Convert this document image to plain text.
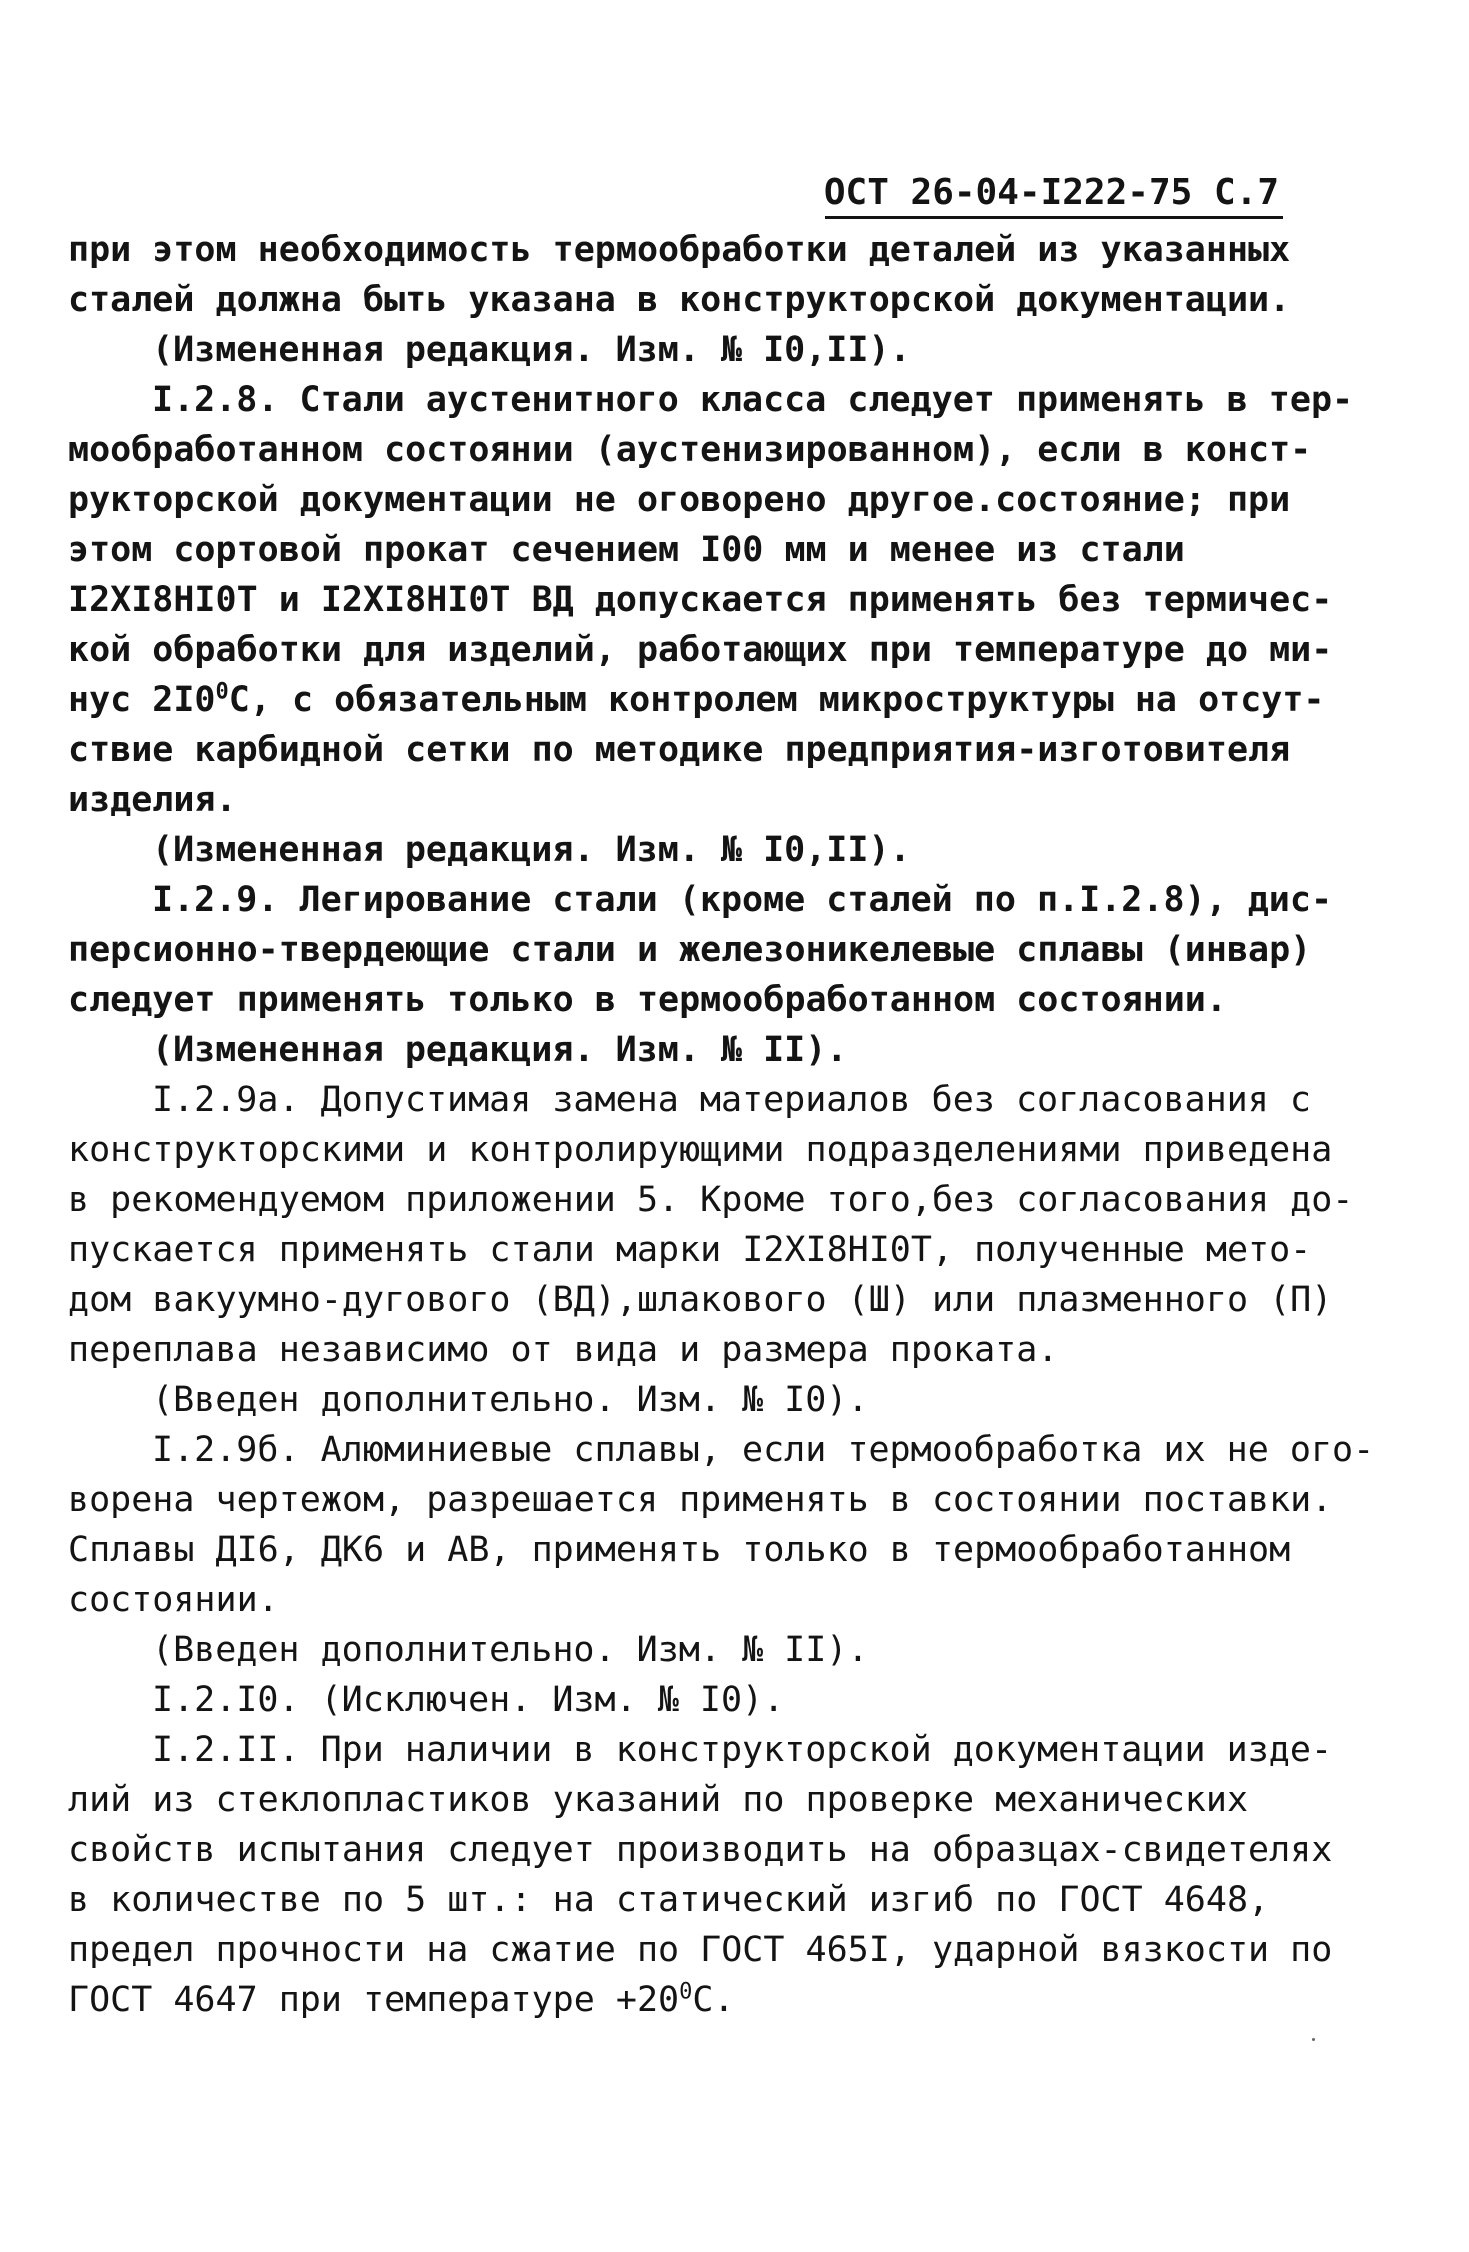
ОСТ 26-04-I222-75 С.7
при этом необходимость термообработки деталей из указанных
сталей должна быть указана в конструкторской документации.
(Измененная редакция. Изм. № I0,II).
I.2.8. Стали аустенитного класса следует применять в тер-
мообработанном состоянии (аустенизированном), если в конст-
рукторской документации не оговорено другое.состояние; при
этом сортовой прокат сечением I00 мм и менее из стали
I2XI8HI0T и I2XI8HI0T ВД допускается применять без термичес-
кой обработки для изделий, работающих при температуре до ми-
нус $2I0^0C$, с обязательным контролем микроструктуры на отсут-
ствие карбидной сетки по методике предприятия-изготовителя
изделия.
(Измененная редакция. Изм. № I0,II).
I.2.9. Легирование стали (кроме сталей по п.I.2.8), дис-
персионно-твердеющие стали и железоникелевые сплавы (инвар)
следует применять только в термообработанном состоянии.
(Измененная редакция. Изм. № II).
I.2.9а. Допустимая замена материалов без согласования с
конструкторскими и контролирующими подразделениями приведена
в рекомендуемом приложении 5. Кроме того,без согласования до-
пускается применять стали марки I2XI8HI0T, полученные мето-
дом вакуумно-дугового (ВД),шлакового (Ш) или плазменного (П)
переплава независимо от вида и размера проката.
(Введен дополнительно. Изм. № I0).
I.2.9б. Алюминиевые сплавы, если термообработка их не ого-
ворена чертежом, разрешается применять в состоянии поставки.
Сплавы ДI6, ДК6 и АВ, применять только в термообработанном
состоянии.
(Введен дополнительно. Изм. № II).
I.2.I0. (Исключен. Изм. № I0).
I.2.II. При наличии в конструкторской документации изде-
лий из стеклопластиков указаний по проверке механических
свойств испытания следует производить на образцах-свидетелях
в количестве по 5 шт.: на статический изгиб по ГОСТ 4648,
предел прочности на сжатие по ГОСТ 465I, ударной вязкости по
ГОСТ 4647 при температуре $+20^0C$.
